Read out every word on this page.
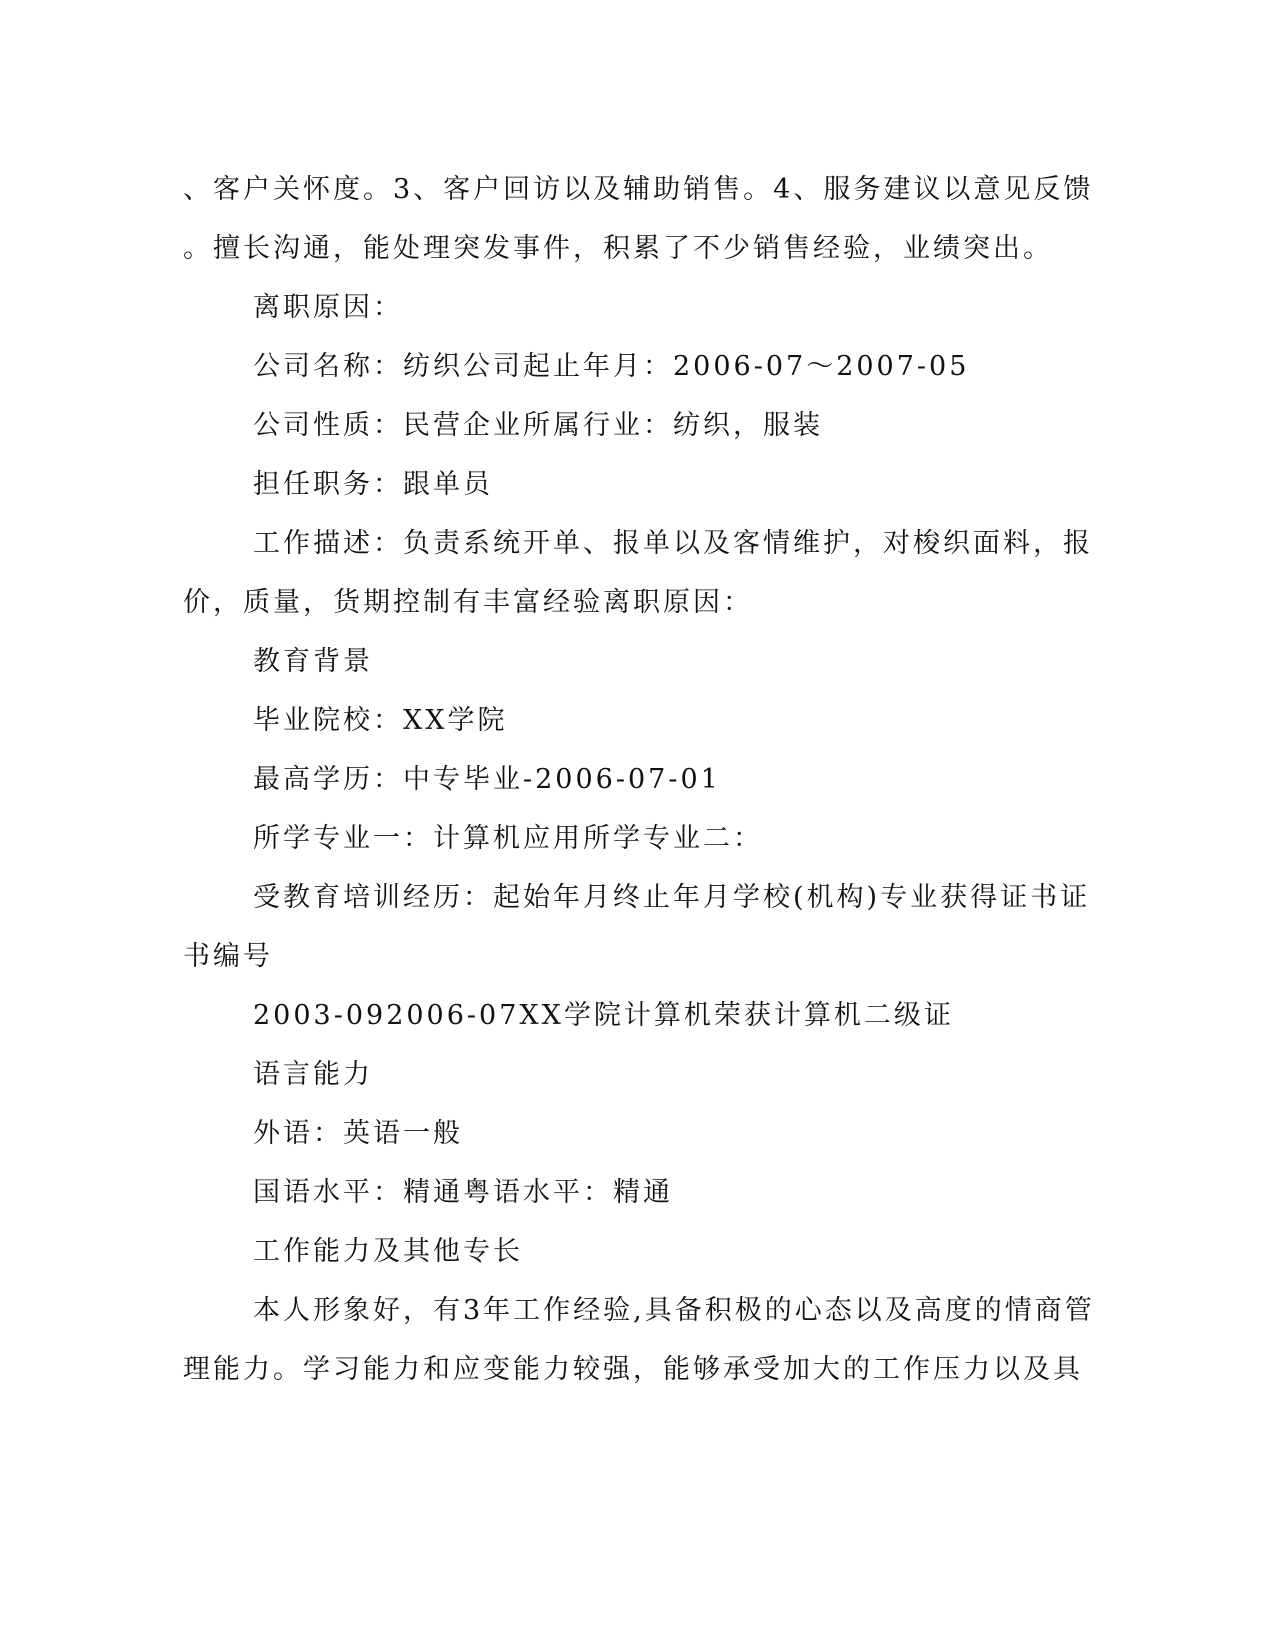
、客户关怀度。3、客户回访以及辅助销售。4、服务建议以意见反馈
。擅长沟通，能处理突发事件，积累了不少销售经验，业绩突出。
离职原因：
公司名称：纺织公司起止年月：2006-07～2007-05
公司性质：民营企业所属行业：纺织，服装
担任职务：跟单员
工作描述：负责系统开单、报单以及客情维护，对梭织面料，报
价，质量，货期控制有丰富经验离职原因：
教育背景
毕业院校：XX学院
最高学历：中专毕业-2006-07-01
所学专业一：计算机应用所学专业二：
受教育培训经历：起始年月终止年月学校(机构)专业获得证书证
书编号
2003-092006-07XX学院计算机荣获计算机二级证
语言能力
外语：英语一般
国语水平：精通粤语水平：精通
工作能力及其他专长
本人形象好，有3年工作经验,具备积极的心态以及高度的情商管
理能力。学习能力和应变能力较强，能够承受加大的工作压力以及具
